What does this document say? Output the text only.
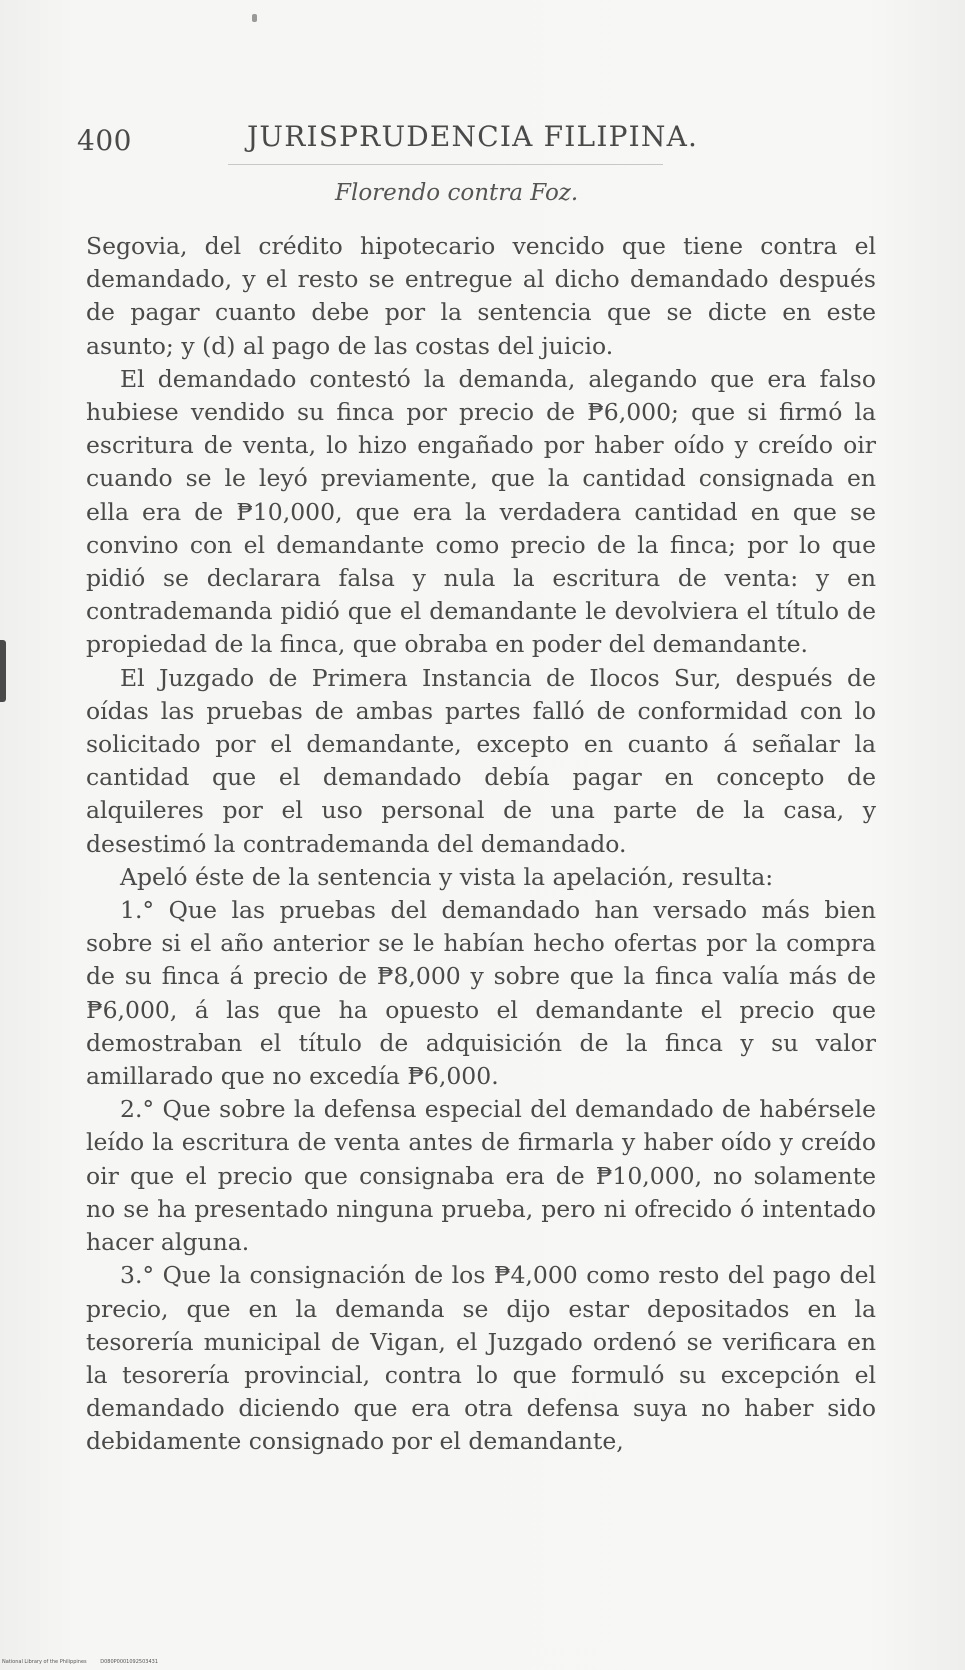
400	JURISPRUDENCIA FILIPINA.
Florendo contra Foz.

Segovia, del crédito hipotecario vencido que tiene contra el demandado, y el resto se entregue al dicho demandado después de pagar cuanto debe por la sentencia que se dicte en este asunto; y (d) al pago de las costas del juicio.

El demandado contestó la demanda, alegando que era falso hubiese vendido su finca por precio de ₱6,000; que si firmó la escritura de venta, lo hizo engañado por haber oído y creído oir cuando se le leyó previamente, que la cantidad consignada en ella era de ₱10,000, que era la verdadera cantidad en que se convino con el demandante como precio de la finca; por lo que pidió se declarara falsa y nula la escritura de venta: y en contrademanda pidió que el demandante le devolviera el título de propiedad de la finca, que obraba en poder del demandante.

El Juzgado de Primera Instancia de Ilocos Sur, después de oídas las pruebas de ambas partes falló de conformidad con lo solicitado por el demandante, excepto en cuanto á señalar la cantidad que el demandado debía pagar en concepto de alquileres por el uso personal de una parte de la casa, y desestimó la contrademanda del demandado.

Apeló éste de la sentencia y vista la apelación, resulta:

1.° Que las pruebas del demandado han versado más bien sobre si el año anterior se le habían hecho ofertas por la compra de su finca á precio de ₱8,000 y sobre que la finca valía más de ₱6,000, á las que ha opuesto el demandante el precio que demostraban el título de adquisición de la finca y su valor amillarado que no excedía ₱6,000.

2.° Que sobre la defensa especial del demandado de habérsele leído la escritura de venta antes de firmarla y haber oído y creído oir que el precio que consignaba era de ₱10,000, no solamente no se ha presentado ninguna prueba, pero ni ofrecido ó intentado hacer alguna.

3.° Que la consignación de los ₱4,000 como resto del pago del precio, que en la demanda se dijo estar depositados en la tesorería municipal de Vigan, el Juzgado ordenó se verificara en la tesorería provincial, contra lo que formuló su excepción el demandado diciendo que era otra defensa suya no haber sido debidamente consignado por el demandante,

National Library of the Philippines	D080P0001092503431
